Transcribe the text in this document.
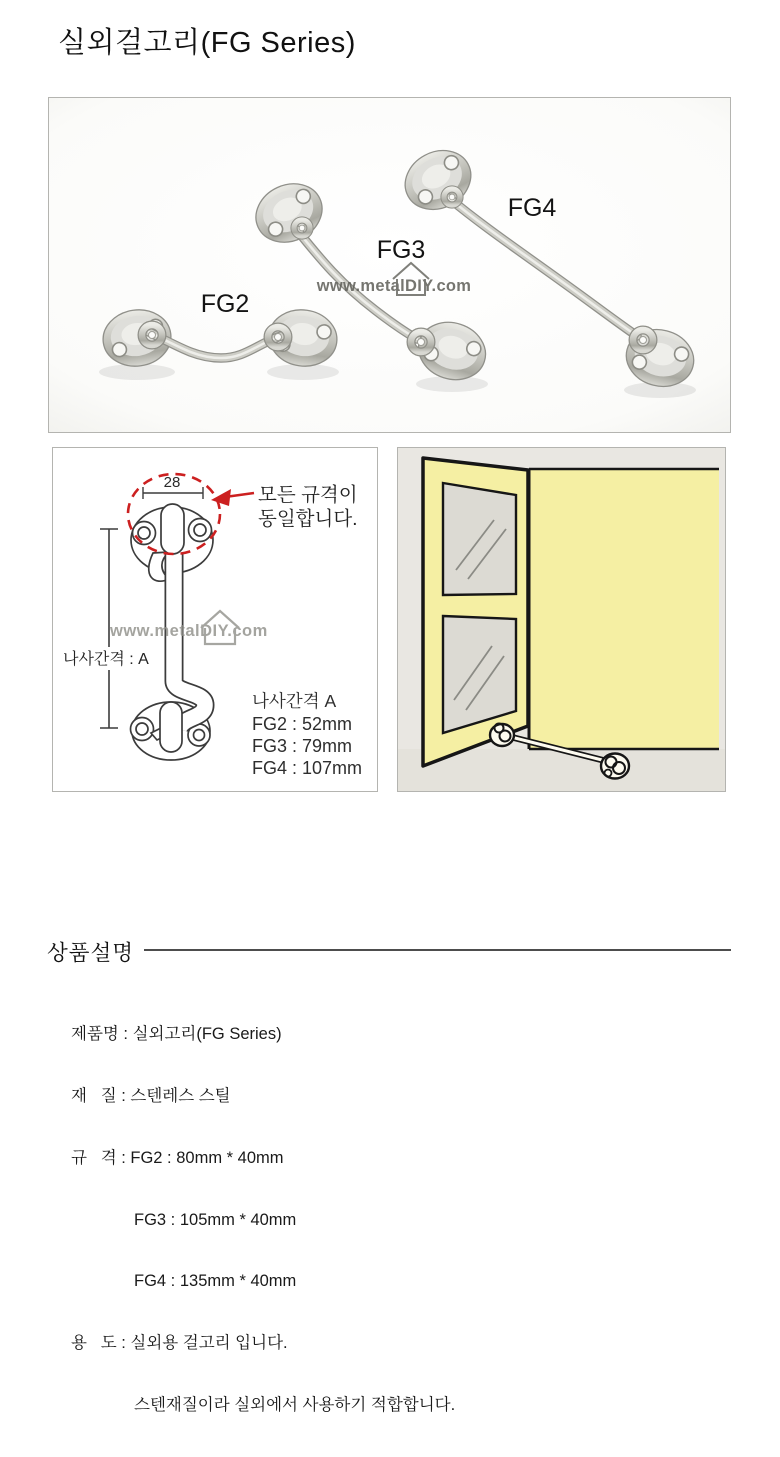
실외걸고리(FG Series)
FG2
FG3
FG4
www.metalDIY.com
28
모든 규격이
동일합니다.
나사간격 : A
www.metalDIY.com
나사간격 A
FG2 : 52mm
FG3 : 79mm
FG4 : 107mm
상품설명

제품명 : 실외고리(FG Series)

재   질 : 스텐레스 스틸

규   격 : FG2 : 80mm * 40mm

FG3 : 105mm * 40mm

FG4 : 135mm * 40mm

용   도 : 실외용 걸고리 입니다.

스텐재질이라 실외에서 사용하기 적합합니다.
